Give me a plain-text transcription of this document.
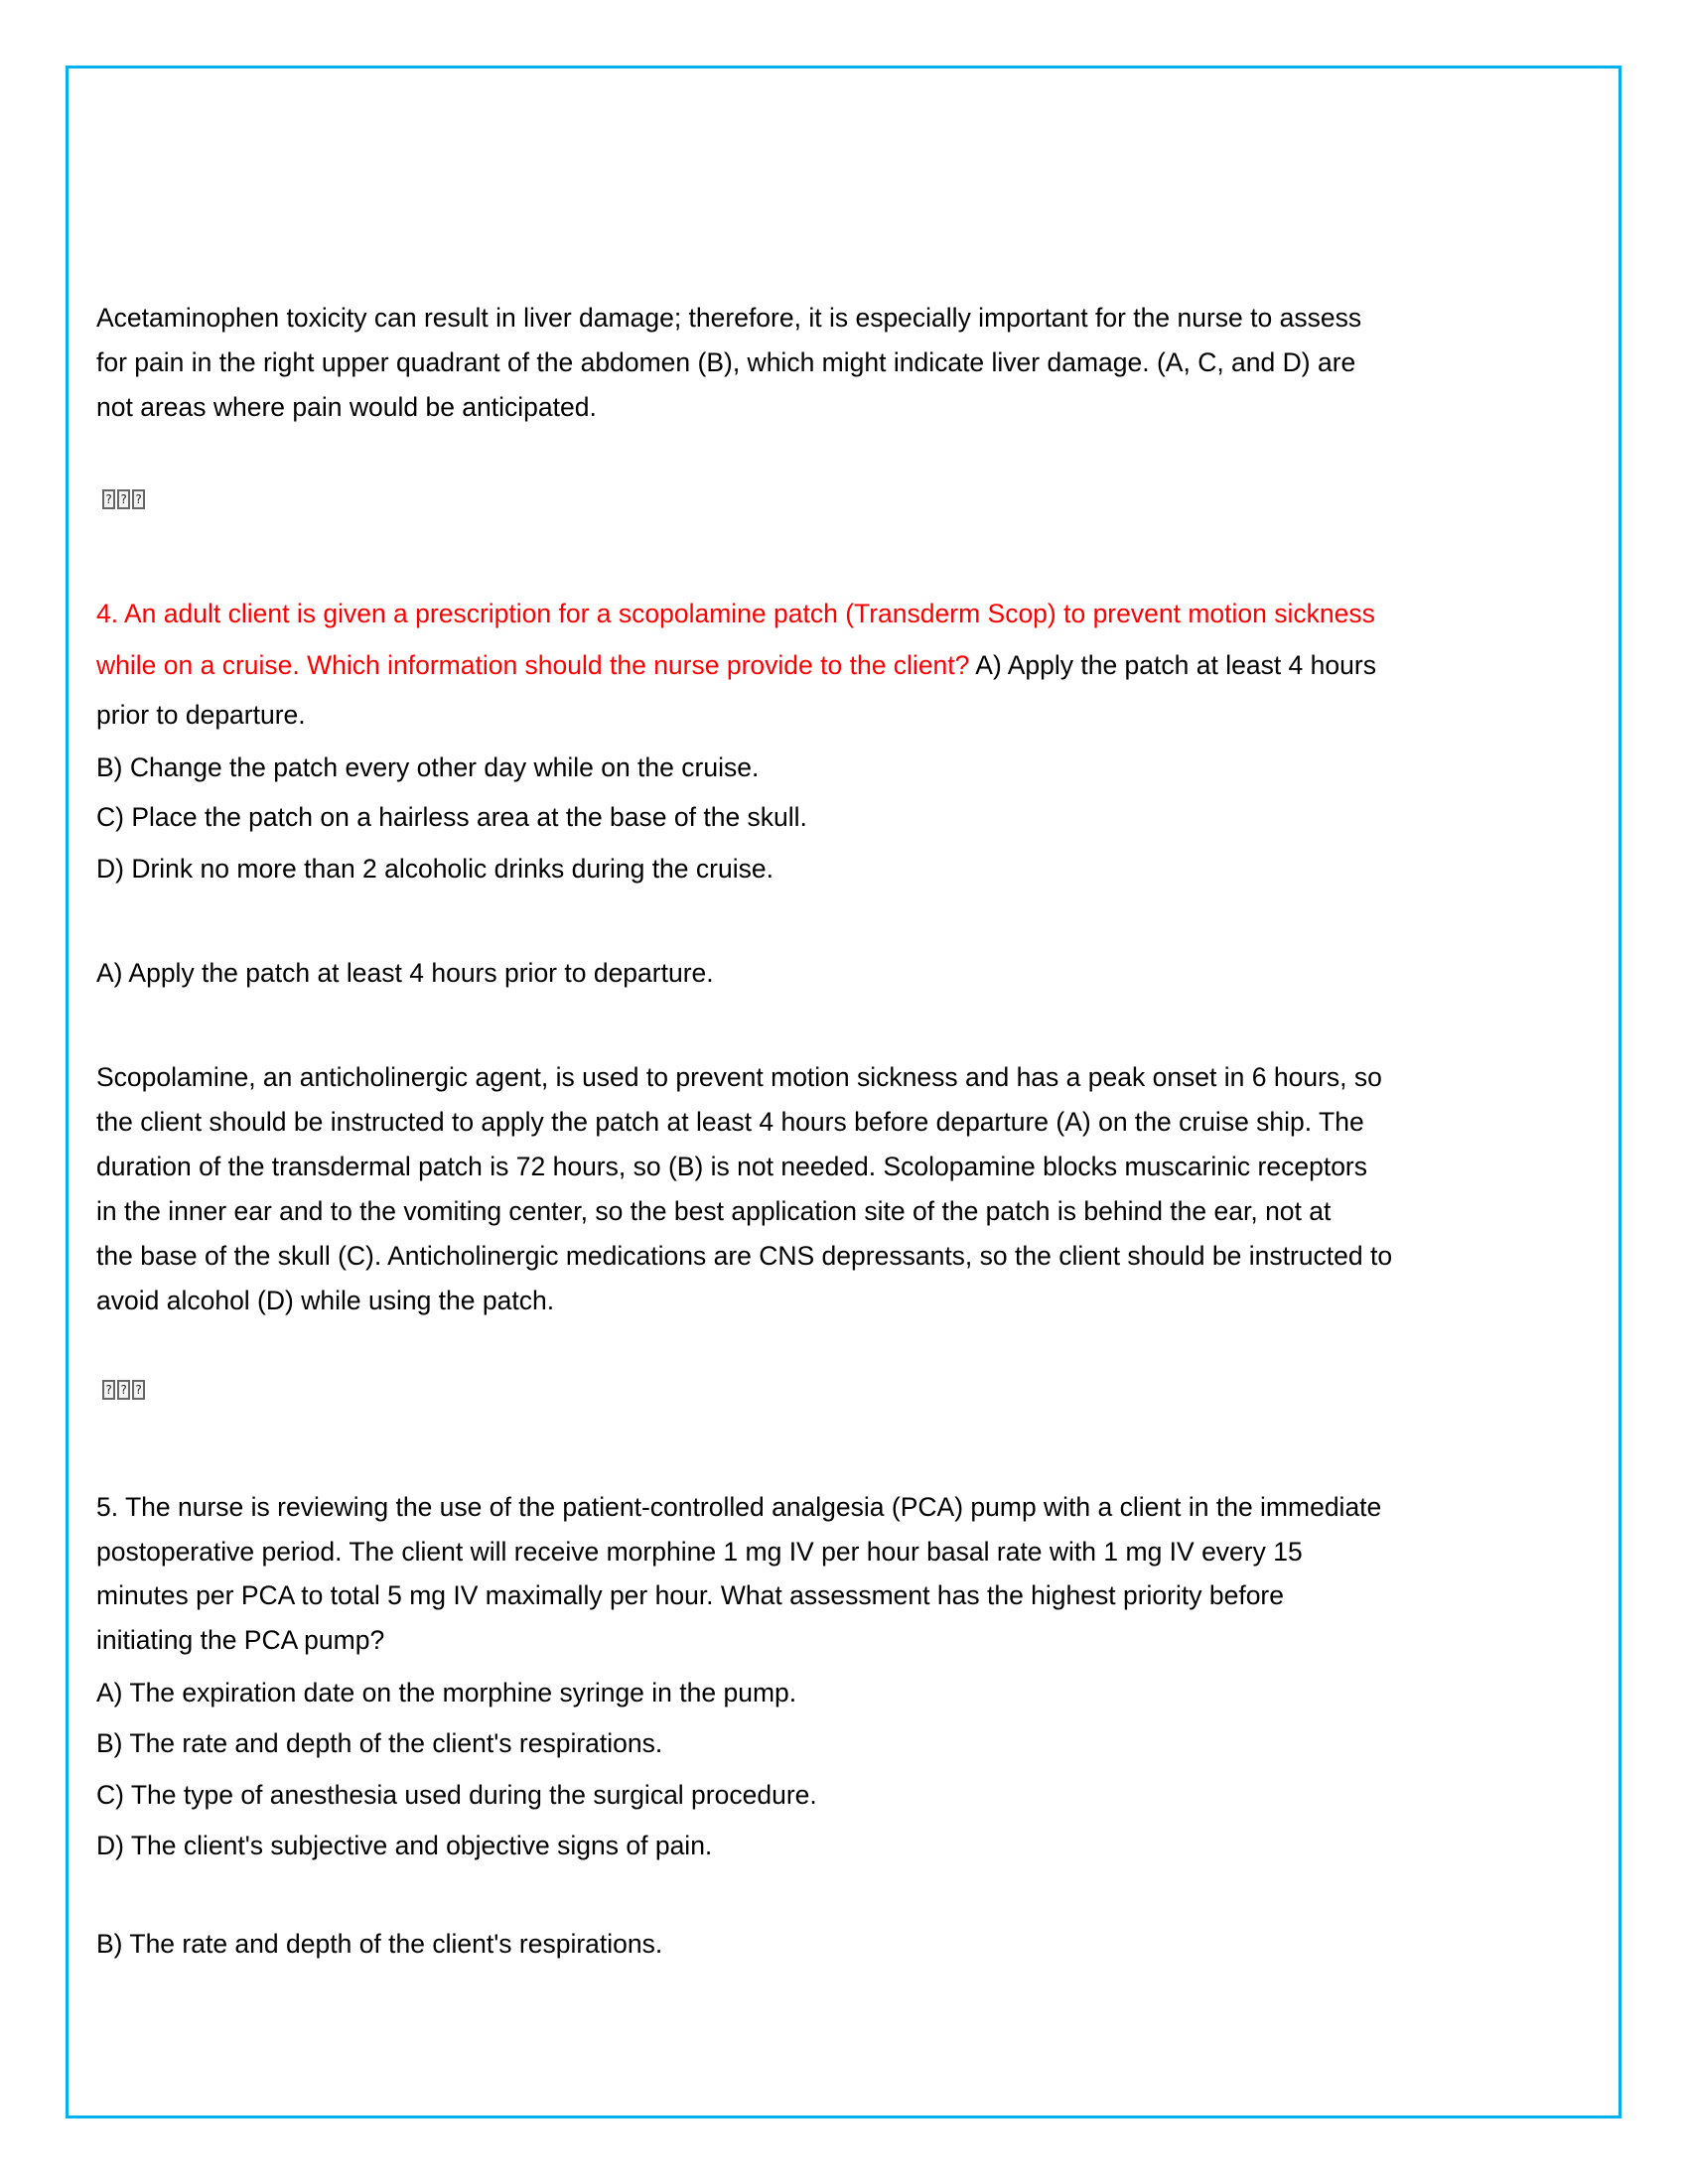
Acetaminophen toxicity can result in liver damage; therefore, it is especially important for the nurse to assess
for pain in the right upper quadrant of the abdomen (B), which might indicate liver damage. (A, C, and D) are
not areas where pain would be anticipated.
? ? ?
4. An adult client is given a prescription for a scopolamine patch (Transderm Scop) to prevent motion sickness
while on a cruise. Which information should the nurse provide to the client? A) Apply the patch at least 4 hours
prior to departure.
B) Change the patch every other day while on the cruise.
C) Place the patch on a hairless area at the base of the skull.
D) Drink no more than 2 alcoholic drinks during the cruise.
A) Apply the patch at least 4 hours prior to departure.
Scopolamine, an anticholinergic agent, is used to prevent motion sickness and has a peak onset in 6 hours, so
the client should be instructed to apply the patch at least 4 hours before departure (A) on the cruise ship. The
duration of the transdermal patch is 72 hours, so (B) is not needed. Scolopamine blocks muscarinic receptors
in the inner ear and to the vomiting center, so the best application site of the patch is behind the ear, not at
the base of the skull (C). Anticholinergic medications are CNS depressants, so the client should be instructed to
avoid alcohol (D) while using the patch.
? ? ?
5. The nurse is reviewing the use of the patient-controlled analgesia (PCA) pump with a client in the immediate
postoperative period. The client will receive morphine 1 mg IV per hour basal rate with 1 mg IV every 15
minutes per PCA to total 5 mg IV maximally per hour. What assessment has the highest priority before
initiating the PCA pump?
A) The expiration date on the morphine syringe in the pump.
B) The rate and depth of the client's respirations.
C) The type of anesthesia used during the surgical procedure.
D) The client's subjective and objective signs of pain.
B) The rate and depth of the client's respirations.
